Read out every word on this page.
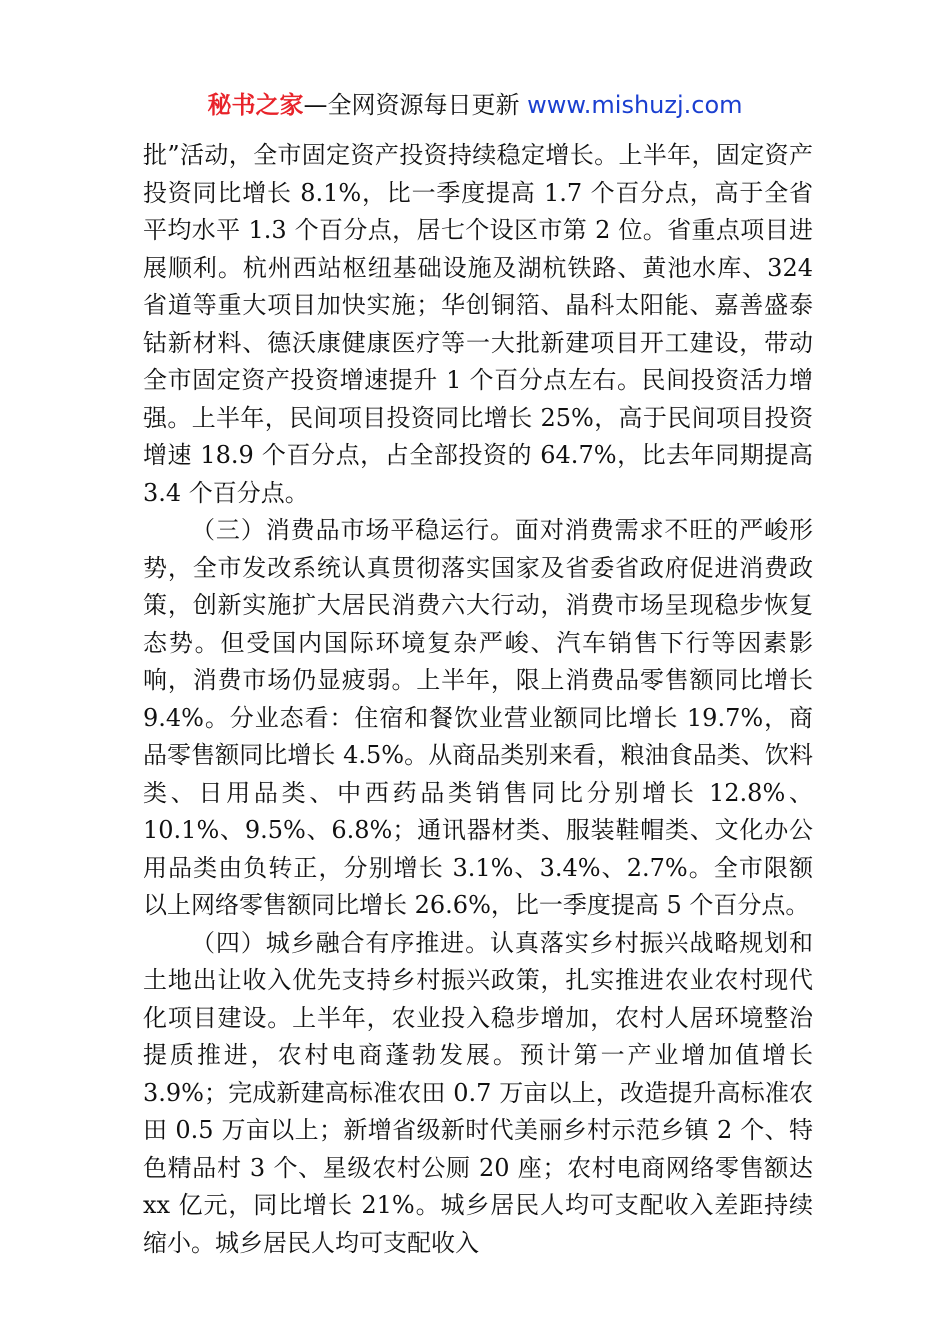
秘书之家—全网资源每日更新 www.mishuzj.com

批”活动，全市固定资产投资持续稳定增长。上半年，固定资产投资同比增长 8.1%，比一季度提高 1.7 个百分点，高于全省平均水平 1.3 个百分点，居七个设区市第 2 位。省重点项目进展顺利。杭州西站枢纽基础设施及湖杭铁路、黄池水库、324 省道等重大项目加快实施；华创铜箔、晶科太阳能、嘉善盛泰钴新材料、德沃康健康医疗等一大批新建项目开工建设，带动全市固定资产投资增速提升 1 个百分点左右。民间投资活力增强。上半年，民间项目投资同比增长 25%，高于民间项目投资增速 18.9 个百分点，占全部投资的 64.7%，比去年同期提高 3.4 个百分点。

（三）消费品市场平稳运行。面对消费需求不旺的严峻形势，全市发改系统认真贯彻落实国家及省委省政府促进消费政策，创新实施扩大居民消费六大行动，消费市场呈现稳步恢复态势。但受国内国际环境复杂严峻、汽车销售下行等因素影响，消费市场仍显疲弱。上半年，限上消费品零售额同比增长 9.4%。分业态看：住宿和餐饮业营业额同比增长 19.7%，商品零售额同比增长 4.5%。从商品类别来看，粮油食品类、饮料类、日用品类、中西药品类销售同比分别增长 12.8%、10.1%、9.5%、6.8%；通讯器材类、服装鞋帽类、文化办公用品类由负转正，分别增长 3.1%、3.4%、2.7%。全市限额以上网络零售额同比增长 26.6%，比一季度提高 5 个百分点。

（四）城乡融合有序推进。认真落实乡村振兴战略规划和土地出让收入优先支持乡村振兴政策，扎实推进农业农村现代化项目建设。上半年，农业投入稳步增加，农村人居环境整治提质推进，农村电商蓬勃发展。预计第一产业增加值增长 3.9%；完成新建高标准农田 0.7 万亩以上，改造提升高标准农田 0.5 万亩以上；新增省级新时代美丽乡村示范乡镇 2 个、特色精品村 3 个、星级农村公厕 20 座；农村电商网络零售额达 xx 亿元，同比增长 21%。城乡居民人均可支配收入差距持续缩小。城乡居民人均可支配收入
